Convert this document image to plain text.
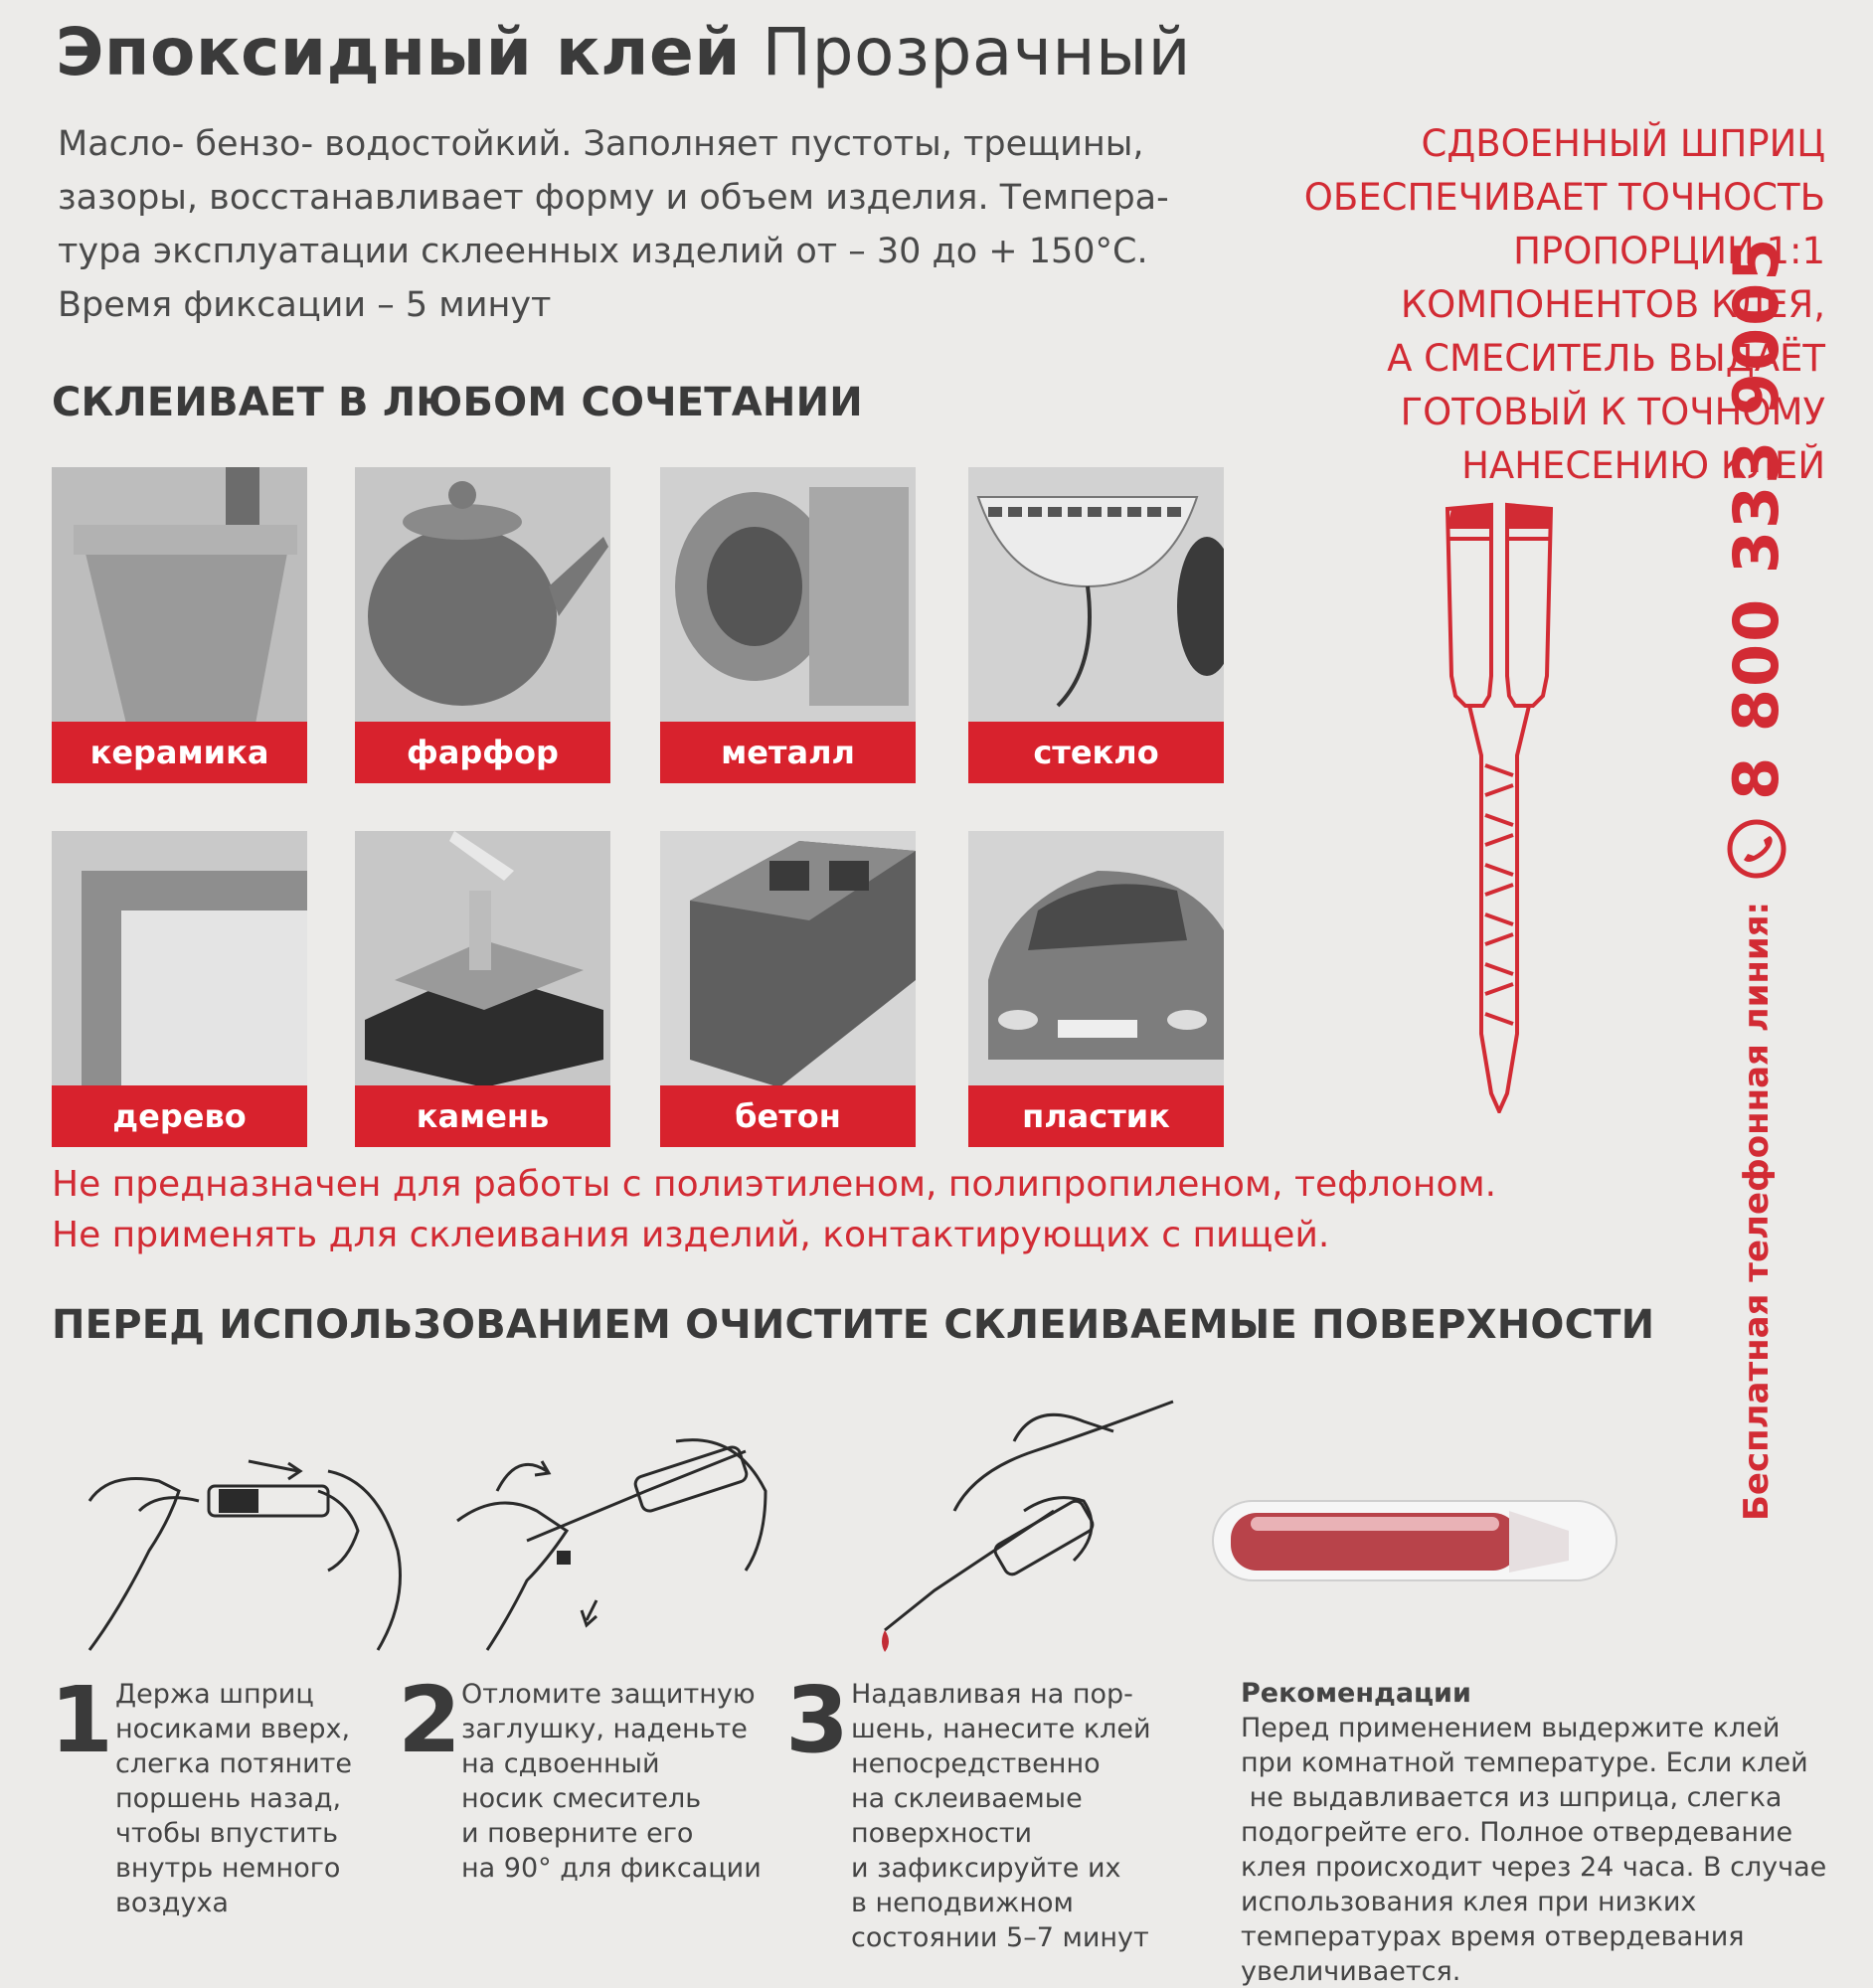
Эпоксидный клей Прозрачный
Масло- бензо- водостойкий. Заполняет пустоты, трещины,
зазоры, восстанавливает форму и объем изделия. Темпера-
тура эксплуатации склеенных изделий от – 30 до + 150°С.
Время фиксации – 5 минут
СДВОЕННЫЙ ШПРИЦ
ОБЕСПЕЧИВАЕТ ТОЧНОСТЬ
ПРОПОРЦИИ 1:1
КОМПОНЕНТОВ КЛЕЯ,
А СМЕСИТЕЛЬ ВЫДАЁТ
ГОТОВЫЙ К ТОЧНОМУ
НАНЕСЕНИЮ КЛЕЙ
СКЛЕИВАЕТ В ЛЮБОМ СОЧЕТАНИИ
керамика	фарфор	металл	стекло
дерево	камень	бетон	пластик
Не предназначен для работы с полиэтиленом, полипропиленом, тефлоном.
Не применять для склеивания изделий, контактирующих с пищей.
ПЕРЕД ИСПОЛЬЗОВАНИЕМ ОЧИСТИТЕ СКЛЕИВАЕМЫЕ ПОВЕРХНОСТИ Бесплатная телефонная линия:
8 800 333 9005
1 Держа шприц
носиками вверх,
слегка потяните
поршень назад,
чтобы впустить
внутрь немного
воздуха
2 Отломите защитную
заглушку, наденьте
на сдвоенный
носик смеситель
и поверните его
на 90° для фиксации
3 Надавливая на пор-
шень, нанесите клей
непосредственно
на склеиваемые
поверхности
и зафиксируйте их
в неподвижном
состоянии 5–7 минут
Рекомендации
Перед применением выдержите клей
при комнатной температуре. Если клей
не выдавливается из шприца, слегка
подогрейте его. Полное отвердевание
клея происходит через 24 часа. В случае
использования клея при низких
температурах время отвердевания
увеличивается.
